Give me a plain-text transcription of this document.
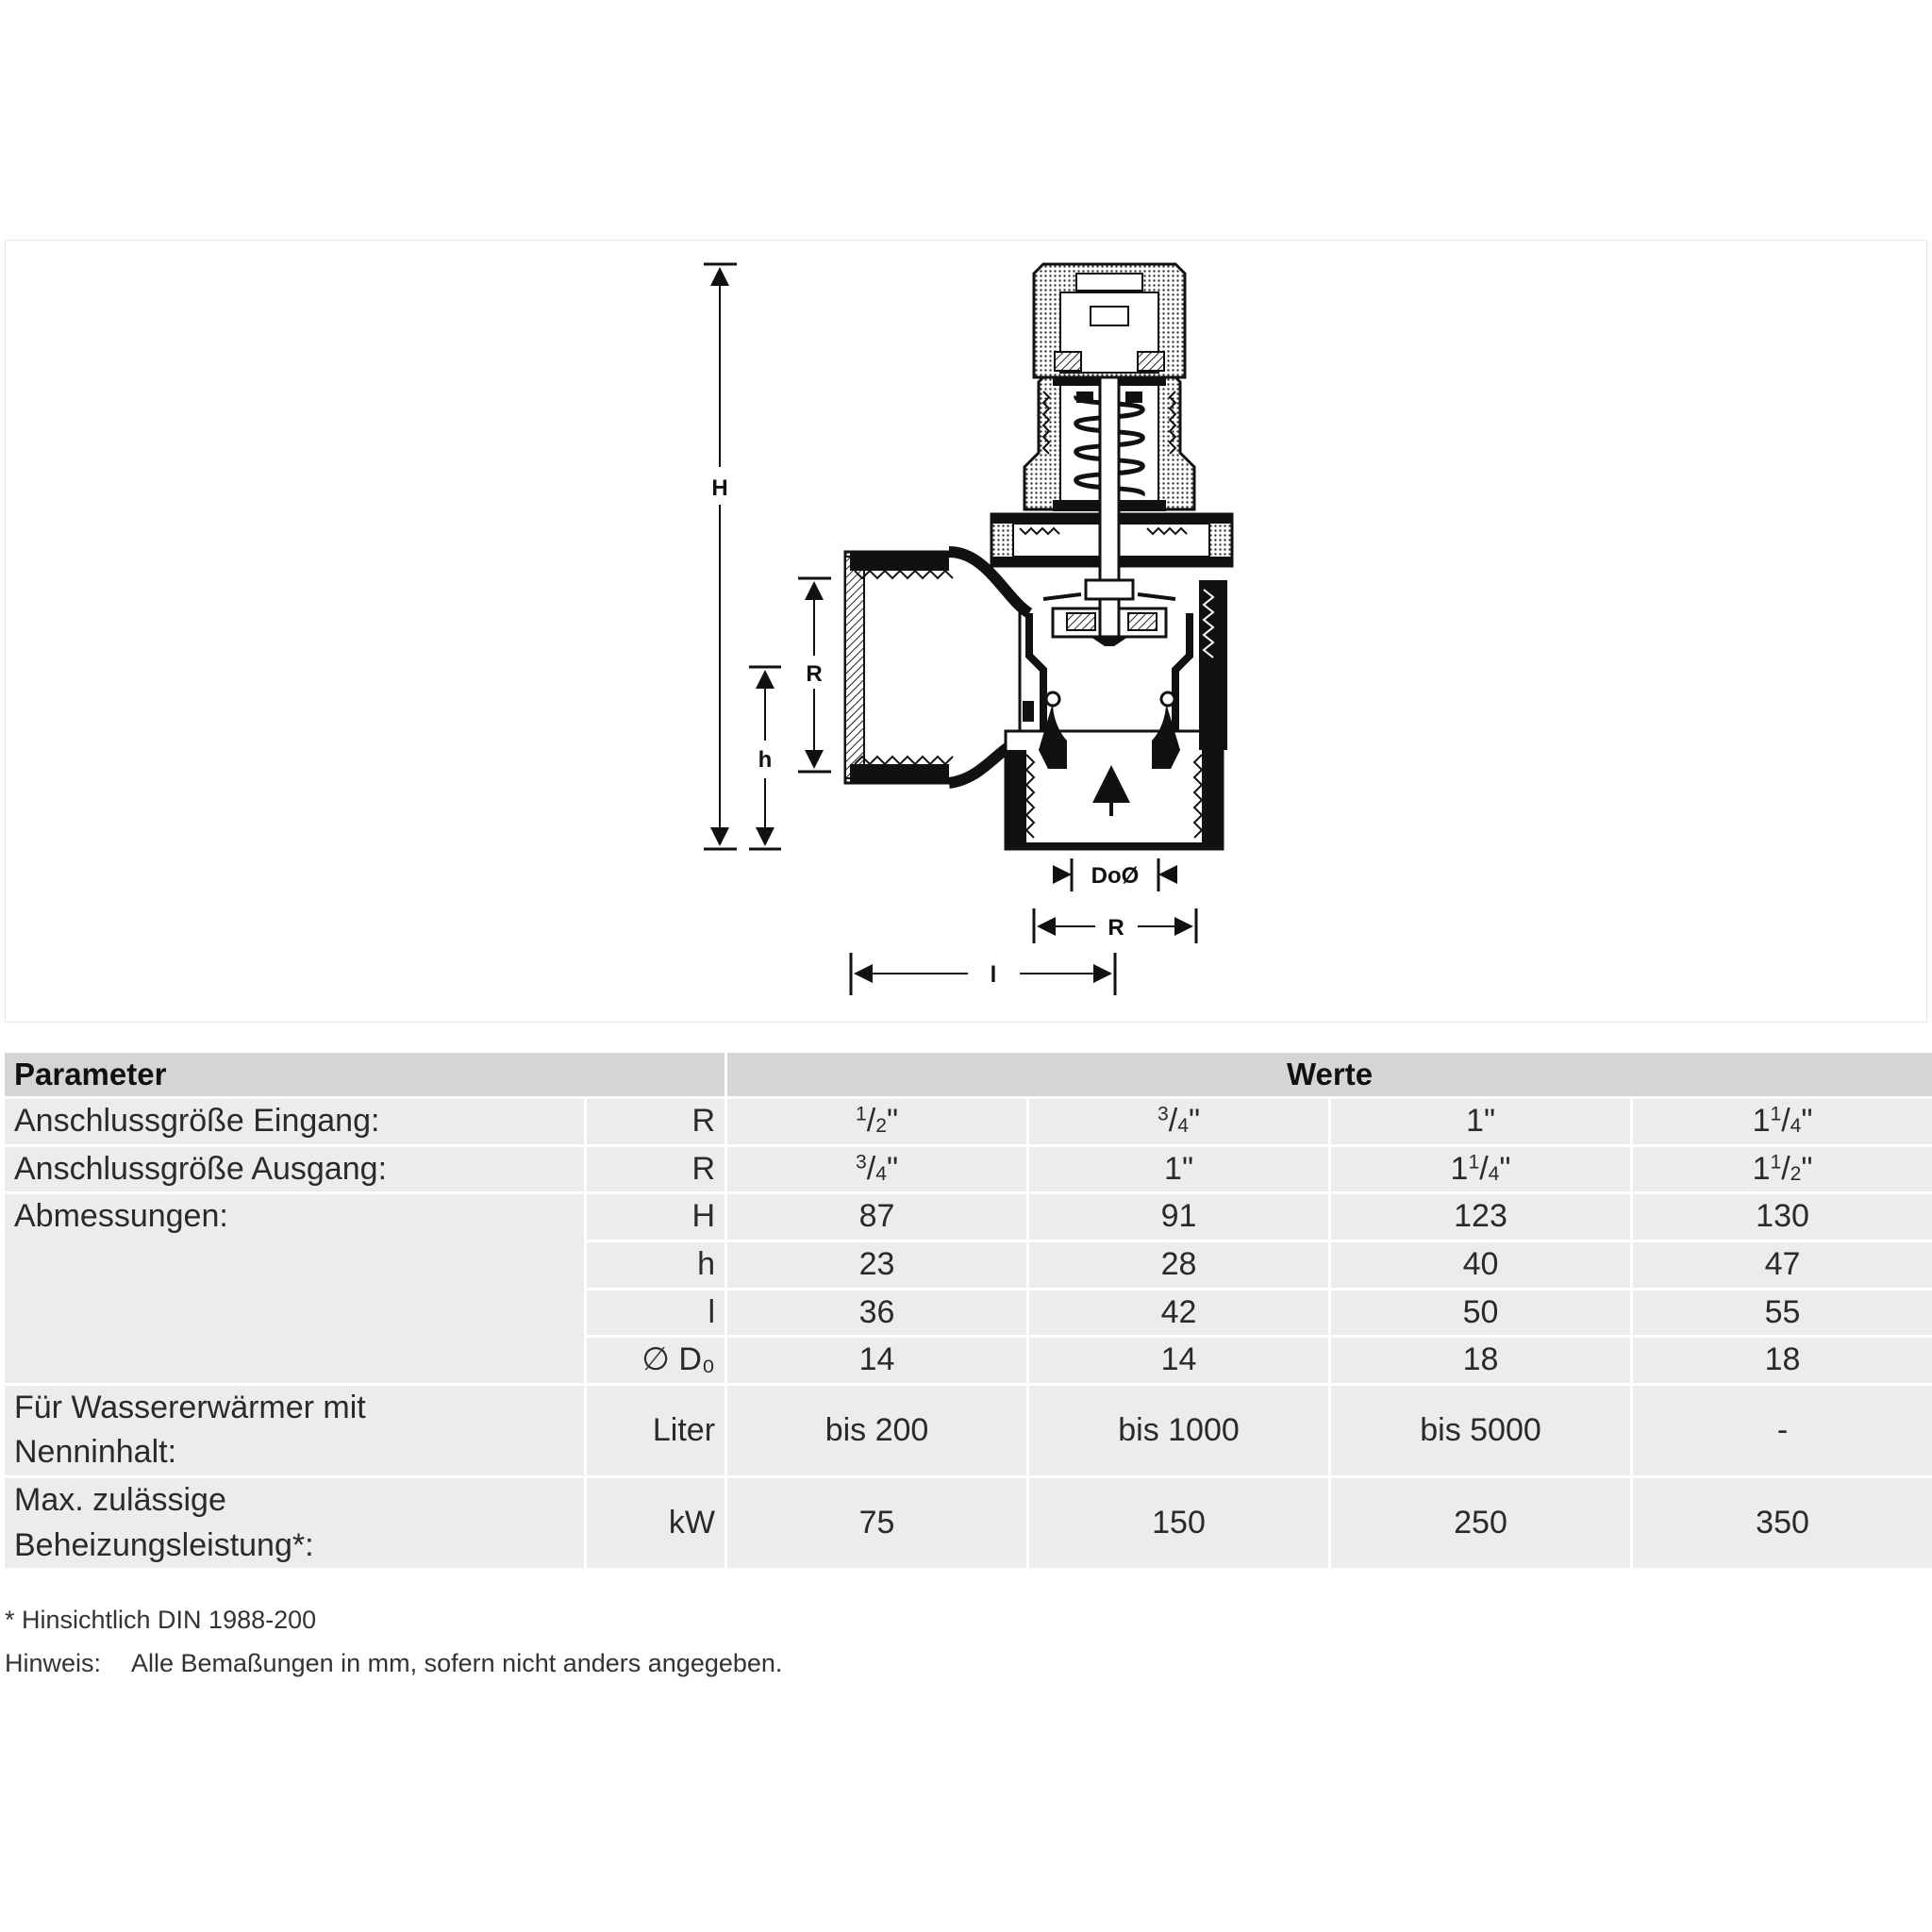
H
h
R
DoØ
R
l
Parameter		Werte			
Anschlussgröße Eingang:	R	$^1/_2$"	$^3/_4$"	1"	$1^1/_4$"
Anschlussgröße Ausgang:	R	$^3/_4$"	1"	$1^1/_4$"	$1^1/_2$"
Abmessungen:	H	87	91	123	130
	h	23	28	40	47
	l	36	42	50	55
	∅ D₀	14	14	18	18

Für Wassererwärmer mit
Nenninhalt:	Liter	bis 200	bis 1000	bis 5000	-

Max. zulässige
Beheizungsleistung*:	kW	75	150	250	350
* Hinsichtlich DIN 1988-200
Hinweis: Alle Bemaßungen in mm, sofern nicht anders angegeben.
